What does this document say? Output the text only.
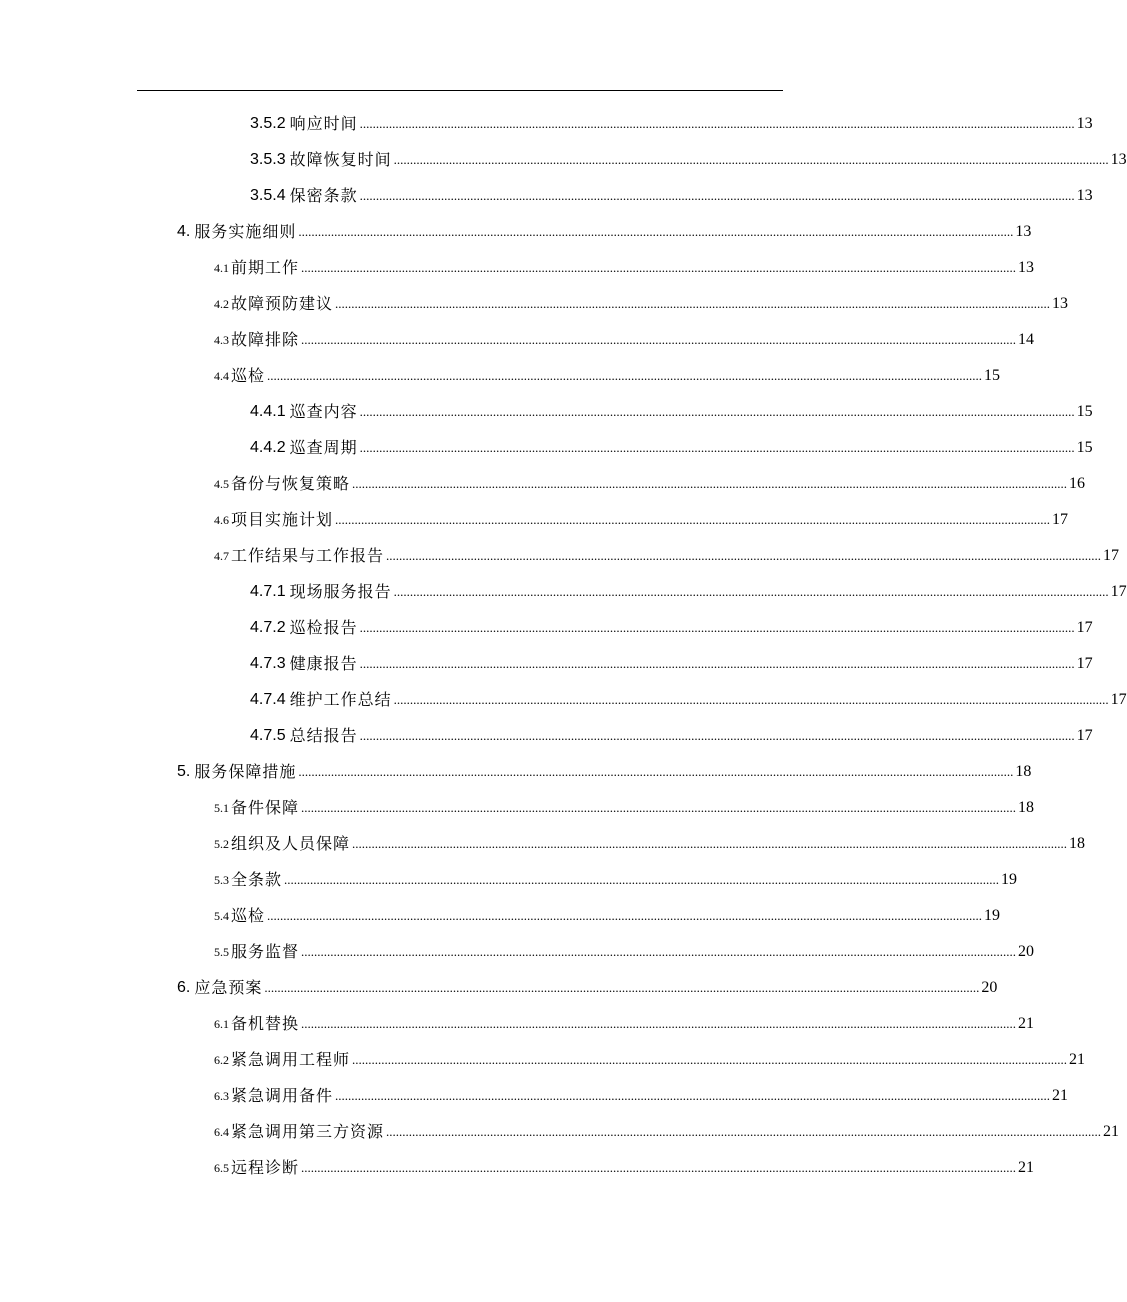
3.5.2 响应时间 ............................................................................................................................................................................................................................ 13
3.5.3 故障恢复时间 ............................................................................................................................................................................................................................ 13
3.5.4 保密条款 ............................................................................................................................................................................................................................ 13
4. 服务实施细则 ............................................................................................................................................................................................................................ 13
4.1 前期工作 ............................................................................................................................................................................................................................ 13
4.2 故障预防建议 ............................................................................................................................................................................................................................ 13
4.3 故障排除 ............................................................................................................................................................................................................................ 14
4.4 巡检 ............................................................................................................................................................................................................................ 15
4.4.1 巡查内容 ............................................................................................................................................................................................................................ 15
4.4.2 巡查周期 ............................................................................................................................................................................................................................ 15
4.5 备份与恢复策略 ............................................................................................................................................................................................................................ 16
4.6 项目实施计划 ............................................................................................................................................................................................................................ 17
4.7 工作结果与工作报告 ............................................................................................................................................................................................................................ 17
4.7.1 现场服务报告 ............................................................................................................................................................................................................................ 17
4.7.2 巡检报告 ............................................................................................................................................................................................................................ 17
4.7.3 健康报告 ............................................................................................................................................................................................................................ 17
4.7.4 维护工作总结 ............................................................................................................................................................................................................................ 17
4.7.5 总结报告 ............................................................................................................................................................................................................................ 17
5. 服务保障措施 ............................................................................................................................................................................................................................ 18
5.1 备件保障 ............................................................................................................................................................................................................................ 18
5.2 组织及人员保障 ............................................................................................................................................................................................................................ 18
5.3 全条款 ............................................................................................................................................................................................................................ 19
5.4 巡检 ............................................................................................................................................................................................................................ 19
5.5 服务监督 ............................................................................................................................................................................................................................ 20
6. 应急预案 ............................................................................................................................................................................................................................ 20
6.1 备机替换 ............................................................................................................................................................................................................................ 21
6.2 紧急调用工程师 ............................................................................................................................................................................................................................ 21
6.3 紧急调用备件 ............................................................................................................................................................................................................................ 21
6.4 紧急调用第三方资源 ............................................................................................................................................................................................................................ 21
6.5 远程诊断 ............................................................................................................................................................................................................................ 21
